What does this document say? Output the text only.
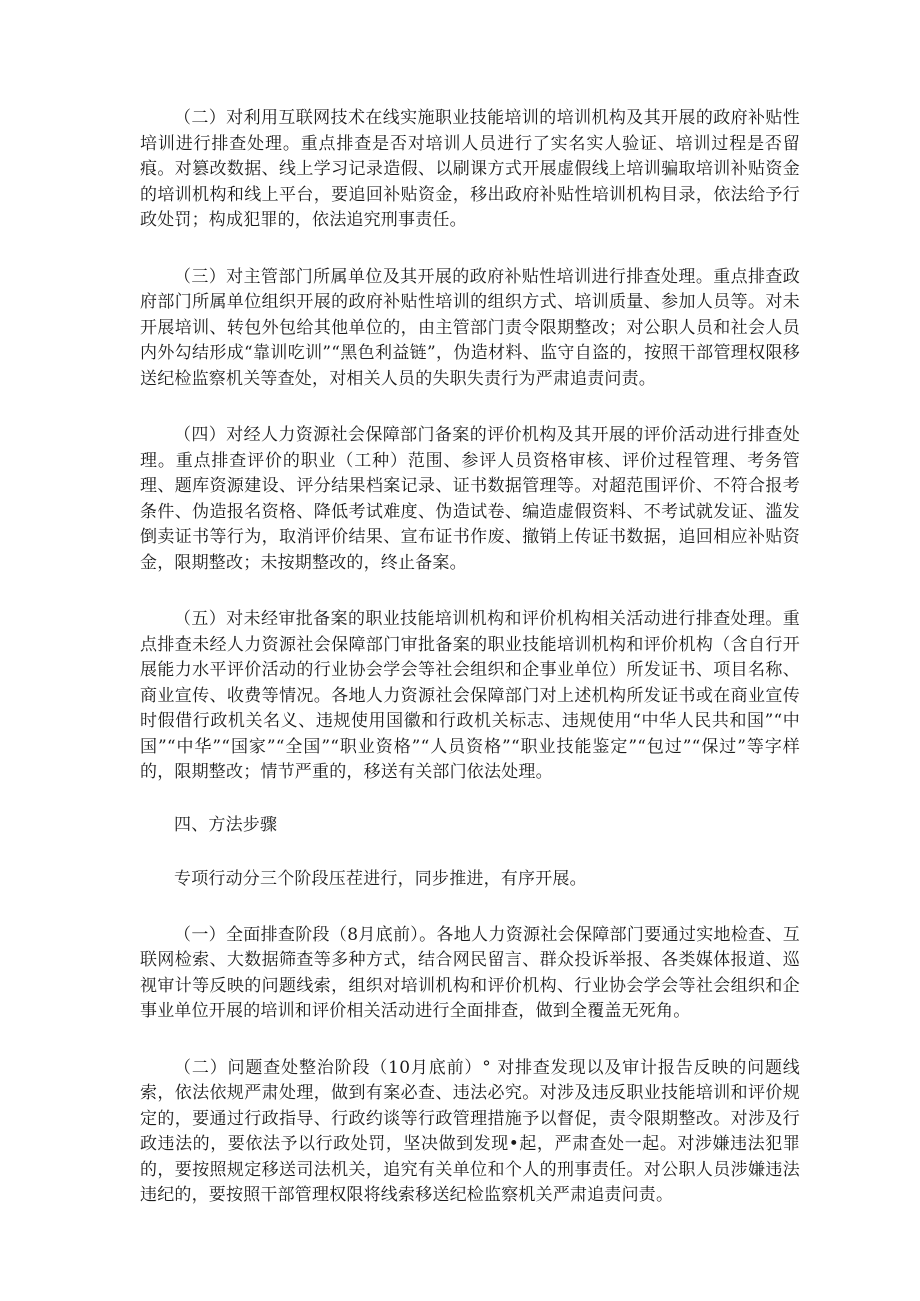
（二）对利用互联网技术在线实施职业技能培训的培训机构及其开展的政府补贴性培训进行排查处理。重点排查是否对培训人员进行了实名实人验证、培训过程是否留痕。对篡改数据、线上学习记录造假、以刷课方式开展虚假线上培训骗取培训补贴资金的培训机构和线上平台，要追回补贴资金，移出政府补贴性培训机构目录，依法给予行政处罚；构成犯罪的，依法追究刑事责任。

（三）对主管部门所属单位及其开展的政府补贴性培训进行排查处理。重点排查政府部门所属单位组织开展的政府补贴性培训的组织方式、培训质量、参加人员等。对未开展培训、转包外包给其他单位的，由主管部门责令限期整改；对公职人员和社会人员内外勾结形成“靠训吃训”“黑色利益链”，伪造材料、监守自盗的，按照干部管理权限移送纪检监察机关等查处，对相关人员的失职失责行为严肃追责问责。

（四）对经人力资源社会保障部门备案的评价机构及其开展的评价活动进行排查处理。重点排查评价的职业（工种）范围、参评人员资格审核、评价过程管理、考务管理、题库资源建设、评分结果档案记录、证书数据管理等。对超范围评价、不符合报考条件、伪造报名资格、降低考试难度、伪造试卷、编造虚假资料、不考试就发证、滥发倒卖证书等行为，取消评价结果、宣布证书作废、撤销上传证书数据，追回相应补贴资金，限期整改；未按期整改的，终止备案。

（五）对未经审批备案的职业技能培训机构和评价机构相关活动进行排查处理。重点排查未经人力资源社会保障部门审批备案的职业技能培训机构和评价机构（含自行开展能力水平评价活动的行业协会学会等社会组织和企事业单位）所发证书、项目名称、商业宣传、收费等情况。各地人力资源社会保障部门对上述机构所发证书或在商业宣传时假借行政机关名义、违规使用国徽和行政机关标志、违规使用“中华人民共和国”“中国”“中华”“国家”“全国”“职业资格”“人员资格”“职业技能鉴定”“包过”“保过”等字样的，限期整改；情节严重的，移送有关部门依法处理。

四、方法步骤

专项行动分三个阶段压茬进行，同步推进，有序开展。

（一）全面排查阶段（8月底前）。各地人力资源社会保障部门要通过实地检查、互联网检索、大数据筛查等多种方式，结合网民留言、群众投诉举报、各类媒体报道、巡视审计等反映的问题线索，组织对培训机构和评价机构、行业协会学会等社会组织和企事业单位开展的培训和评价相关活动进行全面排查，做到全覆盖无死角。

（二）问题查处整治阶段（10月底前）° 对排查发现以及审计报告反映的问题线索，依法依规严肃处理，做到有案必查、违法必究。对涉及违反职业技能培训和评价规定的，要通过行政指导、行政约谈等行政管理措施予以督促，责令限期整改。对涉及行政违法的，要依法予以行政处罚，坚决做到发现•起，严肃查处一起。对涉嫌违法犯罪的，要按照规定移送司法机关，追究有关单位和个人的刑事责任。对公职人员涉嫌违法违纪的，要按照干部管理权限将线索移送纪检监察机关严肃追责问责。
